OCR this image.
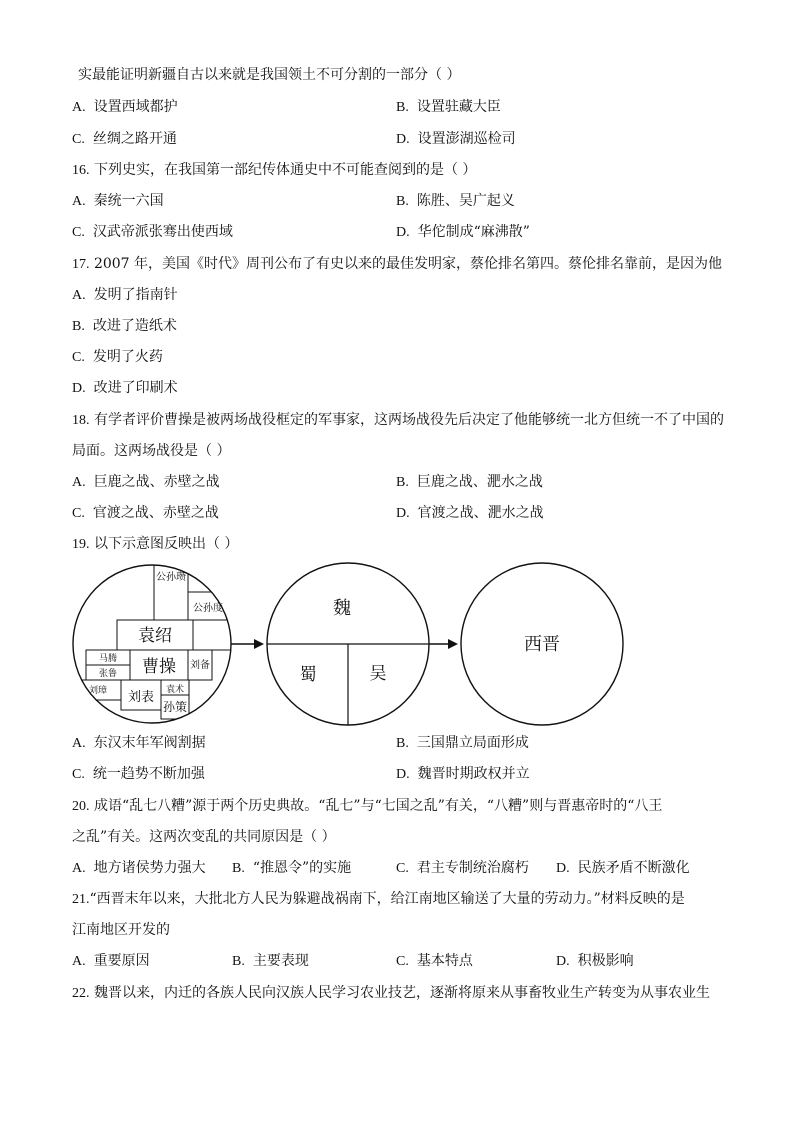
实最能证明新疆自古以来就是我国领土不可分割的一部分（ ）
A. 设置西域都护	B. 设置驻藏大臣
C. 丝绸之路开通	D. 设置澎湖巡检司
16. 下列史实，在我国第一部纪传体通史中不可能查阅到的是（ ）
A. 秦统一六国	B. 陈胜、吴广起义
C. 汉武帝派张骞出使西域	D. 华佗制成“麻沸散”
17. 2007 年，美国《时代》周刊公布了有史以来的最佳发明家，蔡伦排名第四。蔡伦排名靠前，是因为他
A. 发明了指南针
B. 改进了造纸术
C. 发明了火药
D. 改进了印刷术
18. 有学者评价曹操是被两场战役框定的军事家，这两场战役先后决定了他能够统一北方但统一不了中国的
局面。这两场战役是（ ）
A. 巨鹿之战、赤壁之战	B. 巨鹿之战、淝水之战
C. 官渡之战、赤壁之战	D. 官渡之战、淝水之战
19. 以下示意图反映出（ ）
公孙瓒
公孙度
袁绍
马腾 曹操 刘备
张鲁
袁术
刘璋 刘表
孙策
魏
蜀	吴
西晋
A. 东汉末年军阀割据	B. 三国鼎立局面形成
C. 统一趋势不断加强	D. 魏晋时期政权并立
20. 成语“乱七八糟”源于两个历史典故。“乱七”与“七国之乱”有关，“八糟”则与晋惠帝时的“八王
之乱”有关。这两次变乱的共同原因是（ ）
A. 地方诸侯势力强大 B. “推恩令”的实施	C. 君主专制统治腐朽 D. 民族矛盾不断激化
21.“西晋末年以来，大批北方人民为躲避战祸南下，给江南地区输送了大量的劳动力。”材料反映的是
江南地区开发的
A. 重要原因	B. 主要表现	C. 基本特点	D. 积极影响
22. 魏晋以来，内迁的各族人民向汉族人民学习农业技艺，逐渐将原来从事畜牧业生产转变为从事农业生
